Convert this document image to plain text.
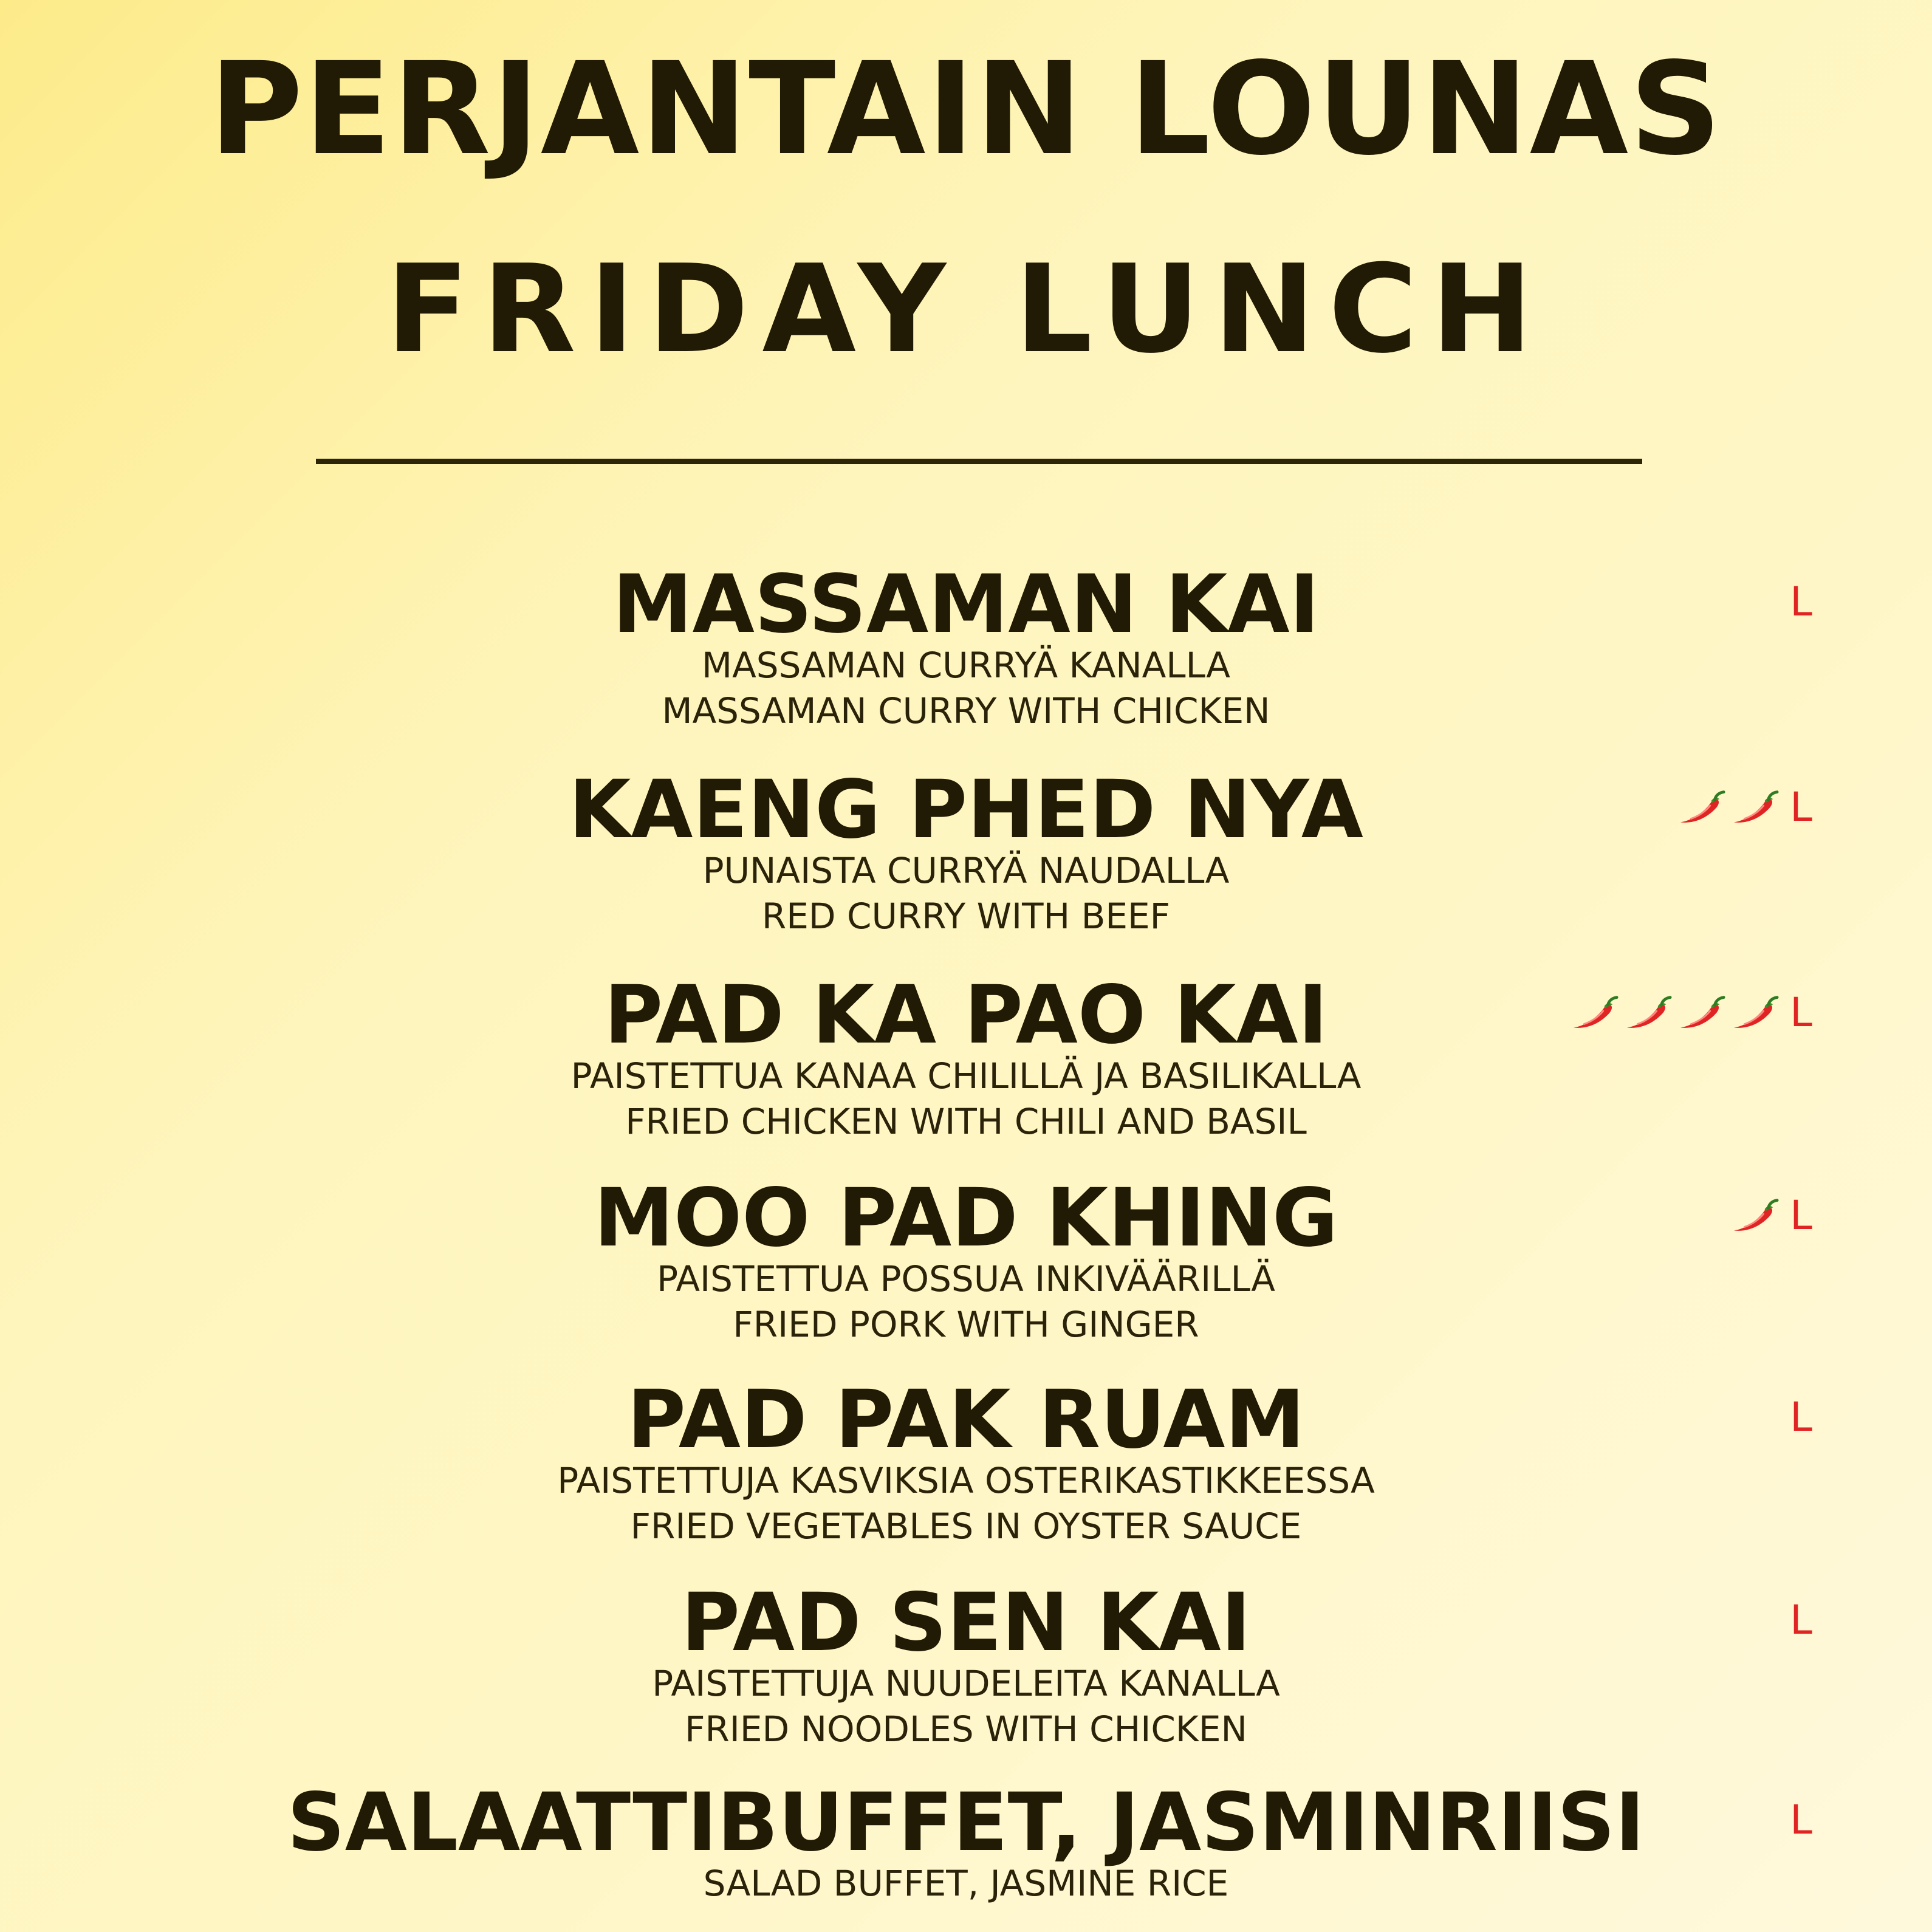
PERJANTAIN LOUNAS
FRIDAY LUNCH
MASSAMAN KAI
MASSAMAN CURRYÄ KANALLA
MASSAMAN CURRY WITH CHICKEN
L
KAENG PHED NYA
PUNAISTA CURRYÄ NAUDALLA
RED CURRY WITH BEEF
L
PAD KA PAO KAI
PAISTETTUA KANAA CHILILLÄ JA BASILIKALLA
FRIED CHICKEN WITH CHILI AND BASIL
L
MOO PAD KHING
PAISTETTUA POSSUA INKIVÄÄRILLÄ
FRIED PORK WITH GINGER
L
PAD PAK RUAM
PAISTETTUJA KASVIKSIA OSTERIKASTIKKEESSA
FRIED VEGETABLES IN OYSTER SAUCE
L
PAD SEN KAI
PAISTETTUJA NUUDELEITA KANALLA
FRIED NOODLES WITH CHICKEN
L
SALAATTIBUFFET, JASMINRIISI
SALAD BUFFET, JASMINE RICE
L
